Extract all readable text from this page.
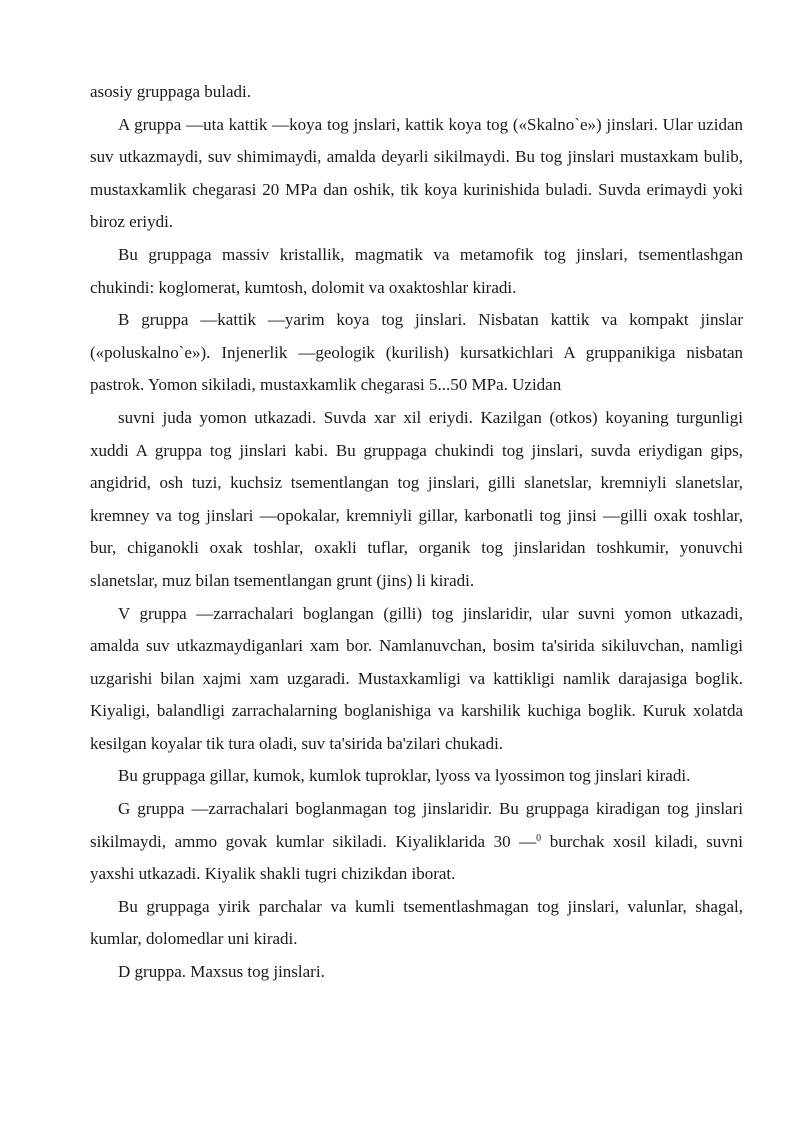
asosiy gruppaga buladi.

A gruppa —uta kattik —koya tog jnslari, kattik koya tog («Skalno`e») jinslari. Ular uzidan suv utkazmaydi, suv shimimaydi, amalda deyarli sikilmaydi. Bu tog jinslari mustaxkam bulib, mustaxkamlik chegarasi 20 MPa dan oshik, tik koya kurinishida buladi. Suvda erimaydi yoki biroz eriydi.

Bu gruppaga massiv kristallik, magmatik va metamofik tog jinslari, tsementlashgan chukindi: koglomerat, kumtosh, dolomit va oxaktoshlar kiradi.

B gruppa —kattik —yarim koya tog jinslari. Nisbatan kattik va kompakt jinslar («poluskalno`e»). Injenerlik —geologik (kurilish) kursatkichlari A gruppanikiga nisbatan pastrok. Yomon sikiladi, mustaxkamlik chegarasi 5...50 MPa. Uzidan

suvni juda yomon utkazadi. Suvda xar xil eriydi. Kazilgan (otkos) koyaning turgunligi xuddi A gruppa tog jinslari kabi. Bu gruppaga chukindi tog jinslari, suvda eriydigan gips, angidrid, osh tuzi, kuchsiz tsementlangan tog jinslari, gilli slanetslar, kremniyli slanetslar, kremney va tog jinslari —opokalar, kremniyli gillar, karbonatli tog jinsi —gilli oxak toshlar, bur, chiganokli oxak toshlar, oxakli tuflar, organik tog jinslaridan toshkumir, yonuvchi slanetslar, muz bilan tsementlangan grunt (jins) li kiradi.

V gruppa —zarrachalari boglangan (gilli) tog jinslaridir, ular suvni yomon utkazadi, amalda suv utkazmaydiganlari xam bor. Namlanuvchan, bosim ta'sirida sikiluvchan, namligi uzgarishi bilan xajmi xam uzgaradi. Mustaxkamligi va kattikligi namlik darajasiga boglik. Kiyaligi, balandligi zarrachalarning boglanishiga va karshilik kuchiga boglik. Kuruk xolatda kesilgan koyalar tik tura oladi, suv ta'sirida ba'zilari chukadi.

Bu gruppaga gillar, kumok, kumlok tuproklar, lyoss va lyossimon tog jinslari kiradi.

G gruppa —zarrachalari boglanmagan tog jinslaridir. Bu gruppaga kiradigan tog jinslari sikilmaydi, ammo govak kumlar sikiladi. Kiyaliklarida 30 —$^0$ burchak xosil kiladi, suvni yaxshi utkazadi. Kiyalik shakli tugri chizikdan iborat.

Bu gruppaga yirik parchalar va kumli tsementlashmagan tog jinslari, valunlar, shagal, kumlar, dolomedlar uni kiradi.

D gruppa. Maxsus tog jinslari.
